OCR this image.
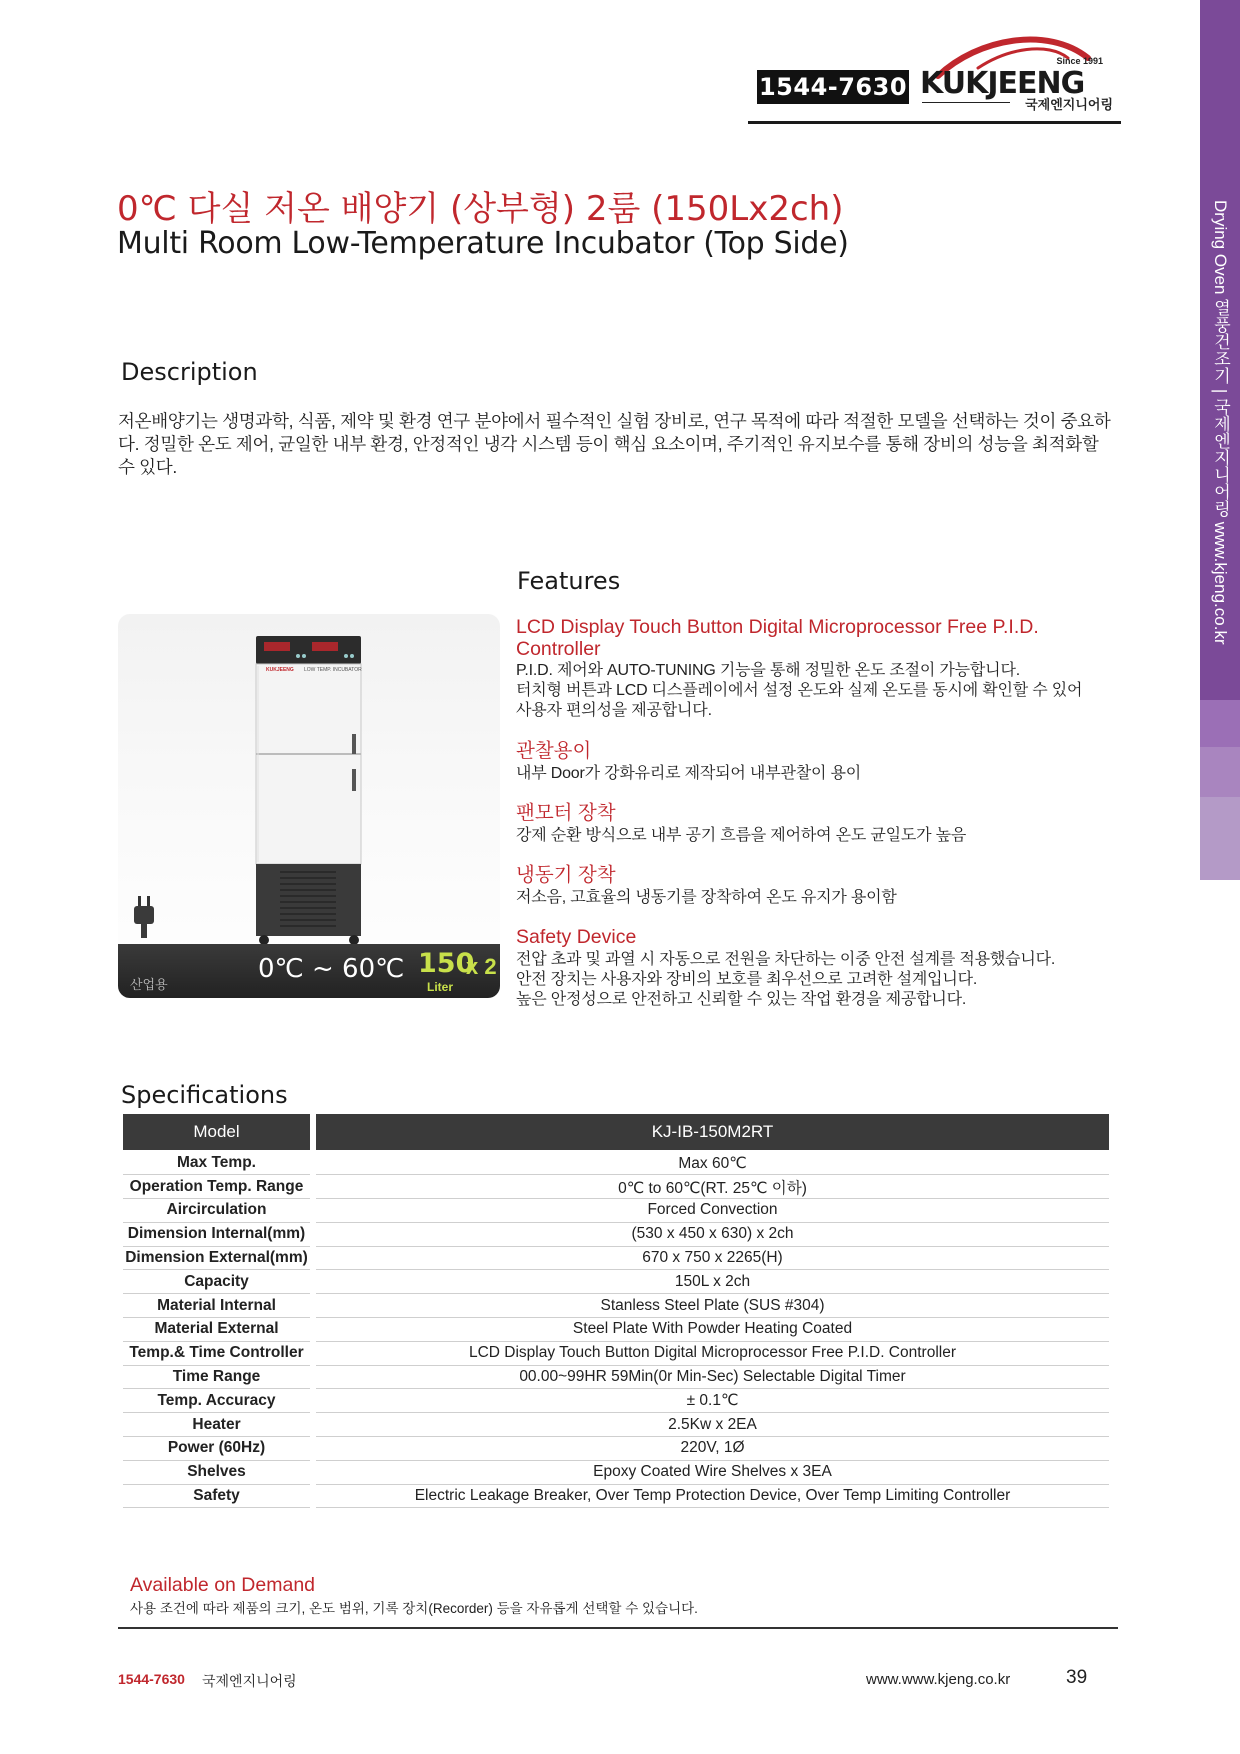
1544-7630
Since 1991
KUKJEENG
국제엔지니어링
Drying Oven 열풍건조기 | 국제엔지니어링 www.kjeng.co.kr
0℃ 다실 저온 배양기 (상부형) 2룸 (150Lx2ch)
Multi Room Low-Temperature Incubator (Top Side)
Description

저온배양기는 생명과학, 식품, 제약 및 환경 연구 분야에서 필수적인 실험 장비로, 연구 목적에 따라 적절한 모델을 선택하는 것이 중요하다. 정밀한 온도 제어, 균일한 내부 환경, 안정적인 냉각 시스템 등이 핵심 요소이며, 주기적인 유지보수를 통해 장비의 성능을 최적화할 수 있다.

KUKJEENG LOW TEMP. INCUBATOR
산업용
0℃ ~ 60℃ 150
x 2
Liter
Features
LCD Display Touch Button Digital Microprocessor Free P.I.D. Controller
P.I.D. 제어와 AUTO-TUNING 기능을 통해 정밀한 온도 조절이 가능합니다.
터치형 버튼과 LCD 디스플레이에서 설정 온도와 실제 온도를 동시에 확인할 수 있어
사용자 편의성을 제공합니다.
관찰용이
내부 Door가 강화유리로 제작되어 내부관찰이 용이
팬모터 장착
강제 순환 방식으로 내부 공기 흐름을 제어하여 온도 균일도가 높음
냉동기 장착
저소음, 고효율의 냉동기를 장착하여 온도 유지가 용이함
Safety Device
전압 초과 및 과열 시 자동으로 전원을 차단하는 이중 안전 설계를 적용했습니다.
안전 장치는 사용자와 장비의 보호를 최우선으로 고려한 설계입니다.
높은 안정성으로 안전하고 신뢰할 수 있는 작업 환경을 제공합니다.
Specifications
Model	KJ-IB-150M2RT
Max Temp.	Max 60℃
Operation Temp. Range	0℃ to 60℃(RT. 25℃ 이하)
Aircirculation	Forced Convection
Dimension Internal(mm)	(530 x 450 x 630) x 2ch
Dimension External(mm)	670 x 750 x 2265(H)
Capacity	150L x 2ch
Material Internal	Stanless Steel Plate (SUS #304)
Material External	Steel Plate With Powder Heating Coated
Temp.& Time Controller	LCD Display Touch Button Digital Microprocessor Free P.I.D. Controller
Time Range	00.00~99HR 59Min(0r Min-Sec) Selectable Digital Timer
Temp. Accuracy	± 0.1℃
Heater	2.5Kw x 2EA
Power (60Hz)	220V, 1Ø
Shelves	Epoxy Coated Wire Shelves x 3EA
Safety	Electric Leakage Breaker, Over Temp Protection Device, Over Temp Limiting Controller
Available on Demand
사용 조건에 따라 제품의 크기, 온도 범위, 기록 장치(Recorder) 등을 자유롭게 선택할 수 있습니다.
1544-7630 국제엔지니어링	www.www.kjeng.co.kr	39
